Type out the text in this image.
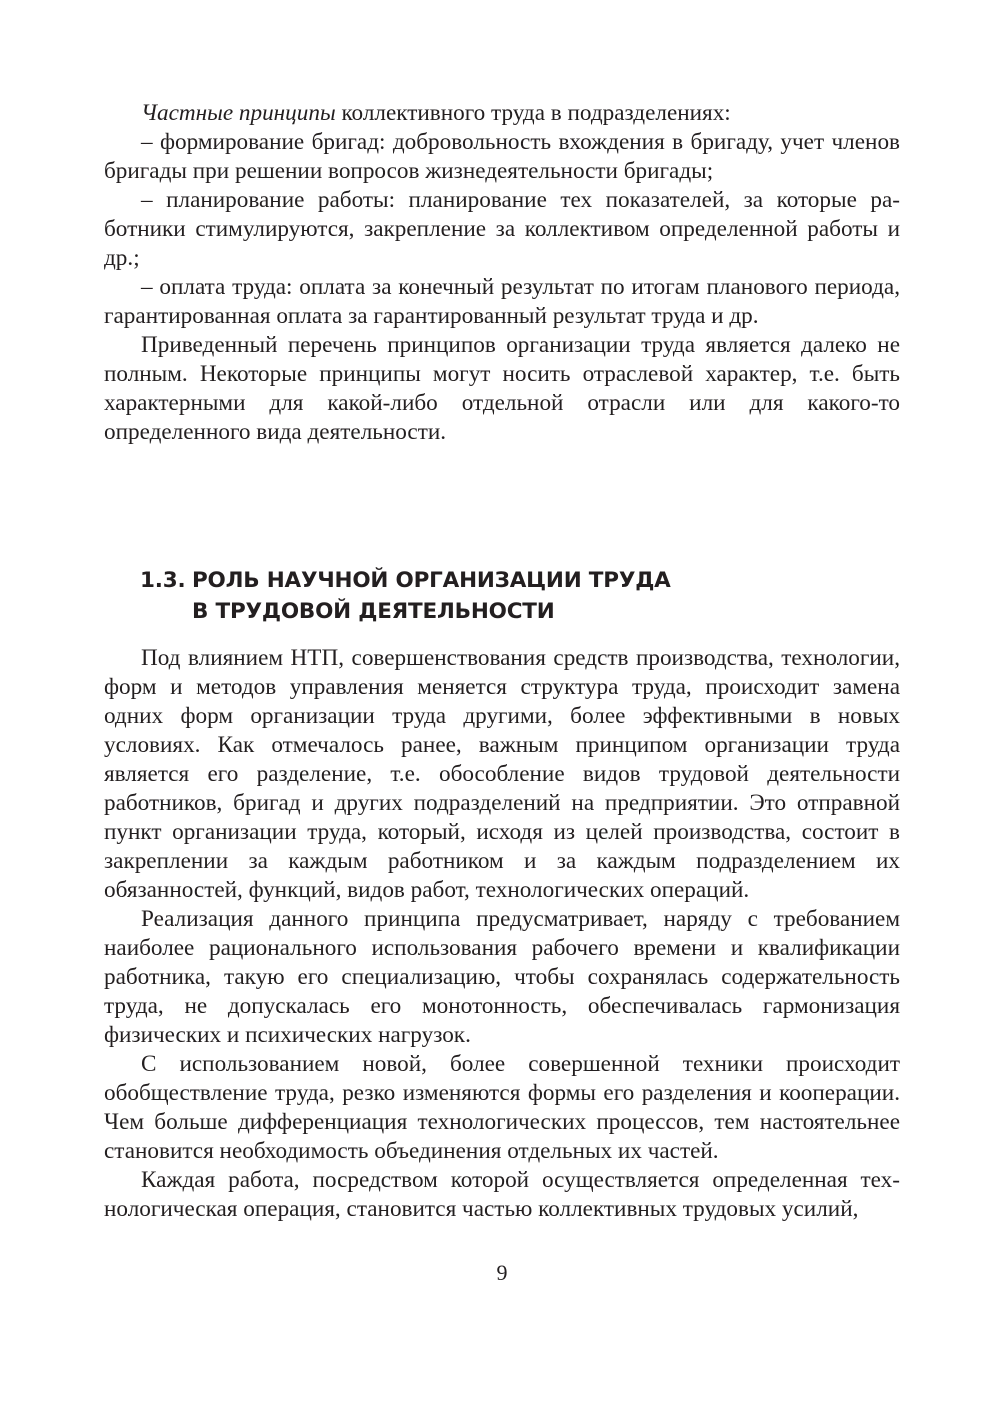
Частные принципы коллективного труда в подразделениях:

– формирование бригад: добровольность вхождения в бригаду, учет членов бригады при решении вопросов жизнедеятельности бригады;

– планирование работы: планирование тех показателей, за которые работники стимулируются, закрепление за коллективом определенной работы и др.;

– оплата труда: оплата за конечный результат по итогам планового периода, гарантированная оплата за гарантированный результат труда и др.

Приведенный перечень принципов организации труда является далеко не полным. Некоторые принципы могут носить отраслевой характер, т.е. быть характерными для какой-либо отдельной отрасли или для какого-то определенного вида деятельности.

1.3. РОЛЬ НАУЧНОЙ ОРГАНИЗАЦИИ ТРУДА
В ТРУДОВОЙ ДЕЯТЕЛЬНОСТИ

Под влиянием НТП, совершенствования средств производства, технологии, форм и методов управления меняется структура труда, происходит замена одних форм организации труда другими, более эффективными в новых условиях. Как отмечалось ранее, важным принципом организации труда является его разделение, т.е. обособление видов трудовой деятельности работников, бригад и других подразделений на предприятии. Это отправной пункт организации труда, который, исходя из целей производства, состоит в закреплении за каждым работником и за каждым подразделением их обязанностей, функций, видов работ, технологических операций.

Реализация данного принципа предусматривает, наряду с требованием наиболее рационального использования рабочего времени и квалификации работника, такую его специализацию, чтобы сохранялась содержательность труда, не допускалась его монотонность, обеспечивалась гармонизация физических и психических нагрузок.

С использованием новой, более совершенной техники происходит обобществление труда, резко изменяются формы его разделения и кооперации. Чем больше дифференциация технологических процессов, тем настоятельнее становится необходимость объединения отдельных их частей.

Каждая работа, посредством которой осуществляется определенная технологическая операция, становится частью коллективных трудовых усилий,

9
